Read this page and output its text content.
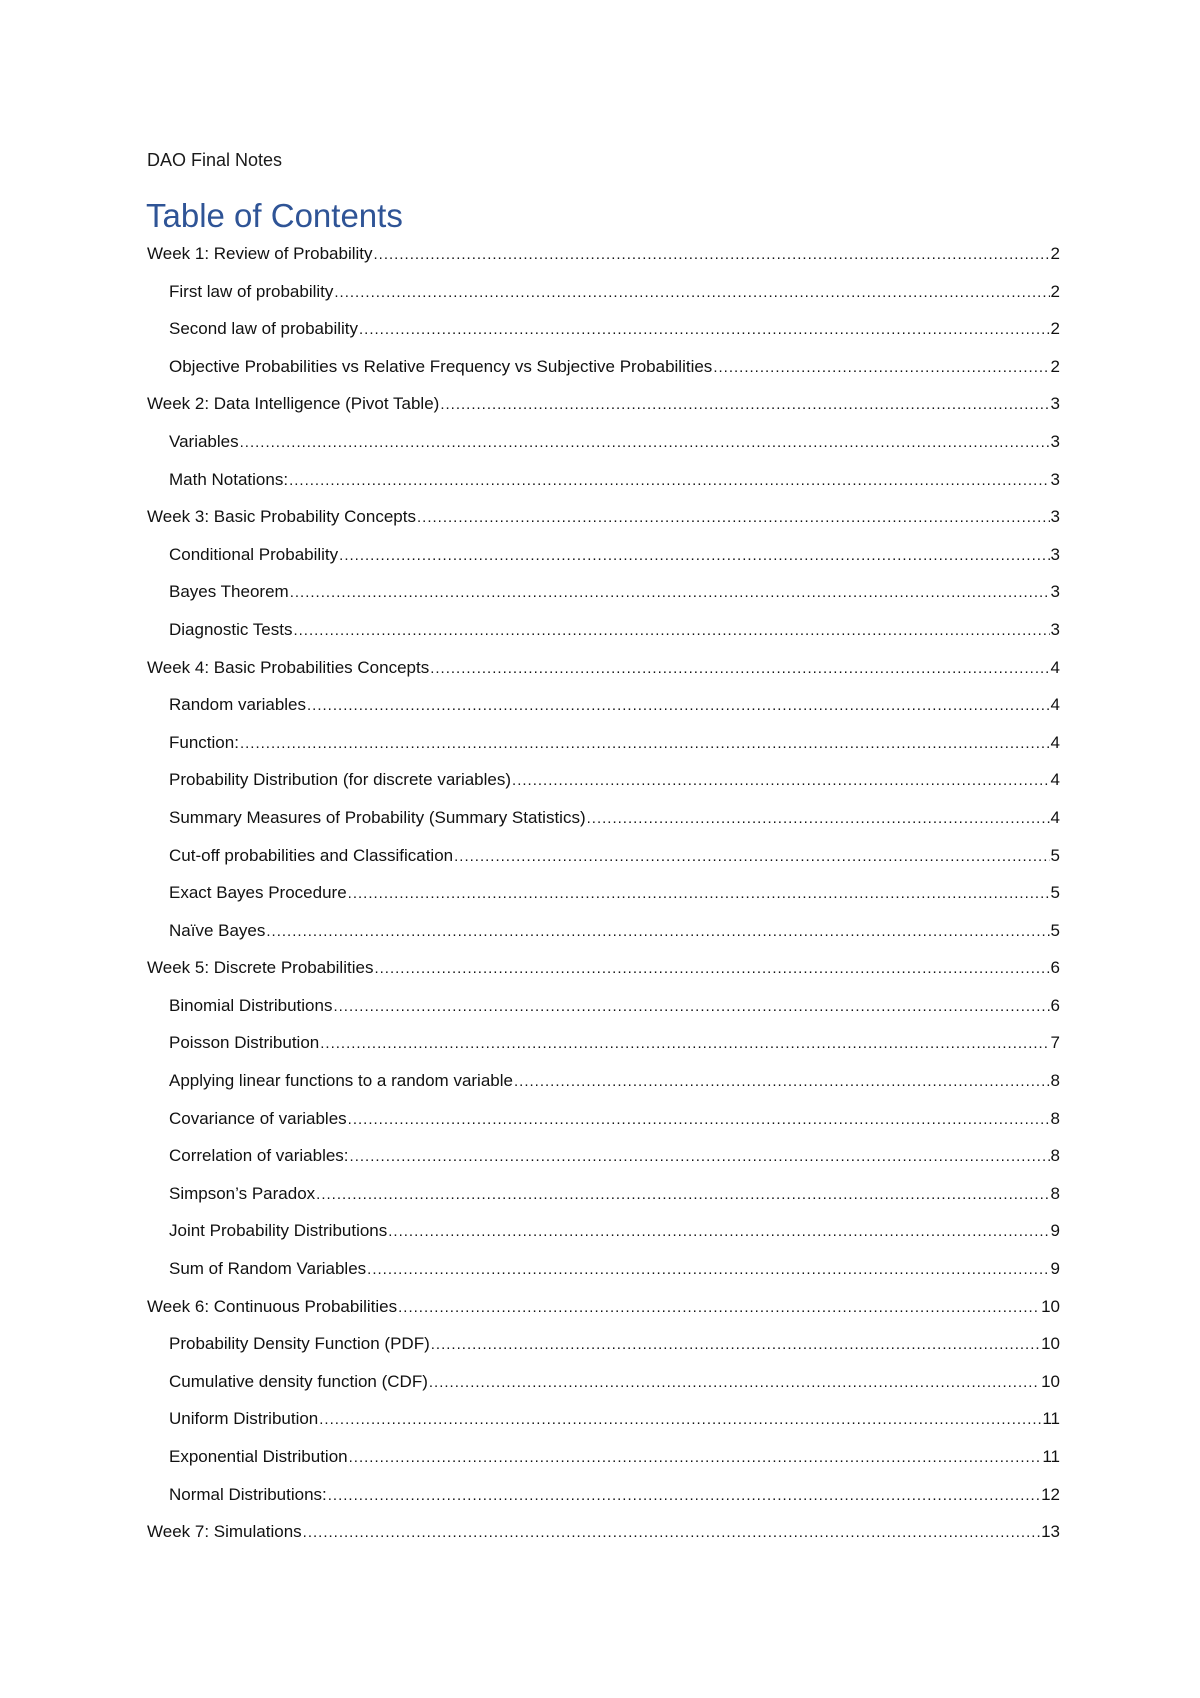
DAO Final Notes
Table of Contents
Week 1: Review of Probability .....	2
First law of probability .....	2
Second law of probability .....	2
Objective Probabilities vs Relative Frequency vs Subjective Probabilities .....	2
Week 2: Data Intelligence (Pivot Table) .....	3
Variables .....	3
Math Notations: .....	3
Week 3: Basic Probability Concepts .....	3
Conditional Probability .....	3
Bayes Theorem .....	3
Diagnostic Tests .....	3
Week 4: Basic Probabilities Concepts .....	4
Random variables .....	4
Function: .....	4
Probability Distribution (for discrete variables) .....	4
Summary Measures of Probability (Summary Statistics) .....	4
Cut-off probabilities and Classification .....	5
Exact Bayes Procedure .....	5
Naïve Bayes .....	5
Week 5: Discrete Probabilities .....	6
Binomial Distributions .....	6
Poisson Distribution .....	7
Applying linear functions to a random variable .....	8
Covariance of variables .....	8
Correlation of variables: .....	8
Simpson’s Paradox .....	8
Joint Probability Distributions .....	9
Sum of Random Variables .....	9
Week 6: Continuous Probabilities .....	10
Probability Density Function (PDF) .....	10
Cumulative density function (CDF) .....	10
Uniform Distribution .....	11
Exponential Distribution .....	11
Normal Distributions: .....	12
Week 7: Simulations .....	13
